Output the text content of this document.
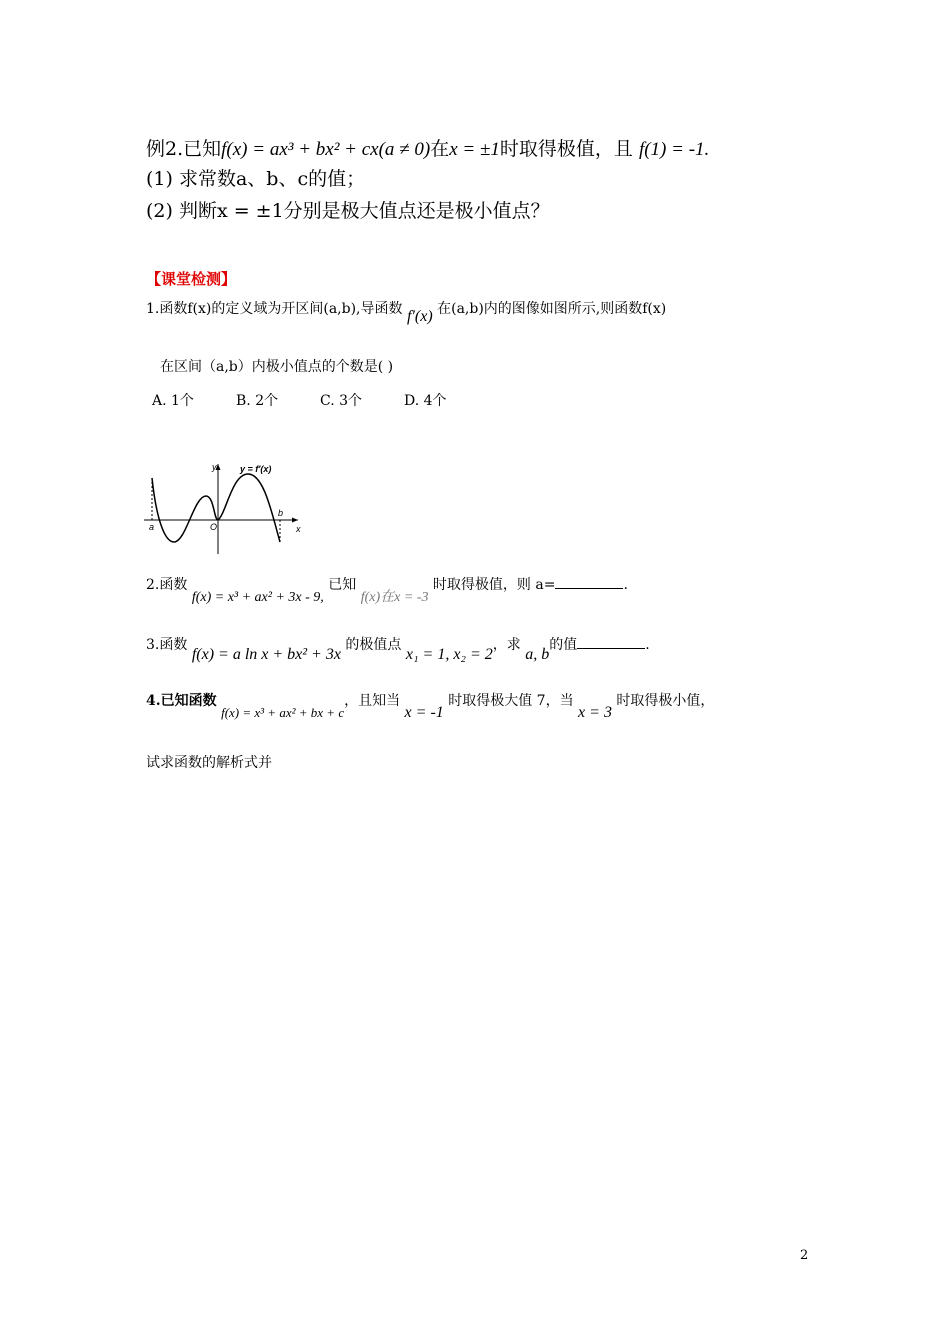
例2.已知f(x) = ax³ + bx² + cx(a ≠ 0)在x = ±1时取得极值，且 f(1) = -1.
(1) 求常数a、b、c的值；
(2) 判断x = ±1分别是极大值点还是极小值点？
【课堂检测】
1.函数f(x)的定义域为开区间(a,b),导函数 f′(x) 在(a,b)内的图像如图所示,则函数f(x)
在区间（a,b）内极小值点的个数是( )
A. 1个	B. 2个	C. 3个	D. 4个
y	y = f′(x)
a	O
b
x
2.函数 f(x) = x³ + ax² + 3x - 9, 已知 f(x)在x = -3 时取得极值，则 a=	.
3.函数 f(x) = a ln x + bx² + 3x 的极值点 x₁ = 1, x₂ = 2，求 a, b的值	.
4.已知函数 f(x) = x³ + ax² + bx + c，且知当 x = -1 时取得极大值 7，当 x = 3 时取得极小值，
试求函数的解析式并
2
